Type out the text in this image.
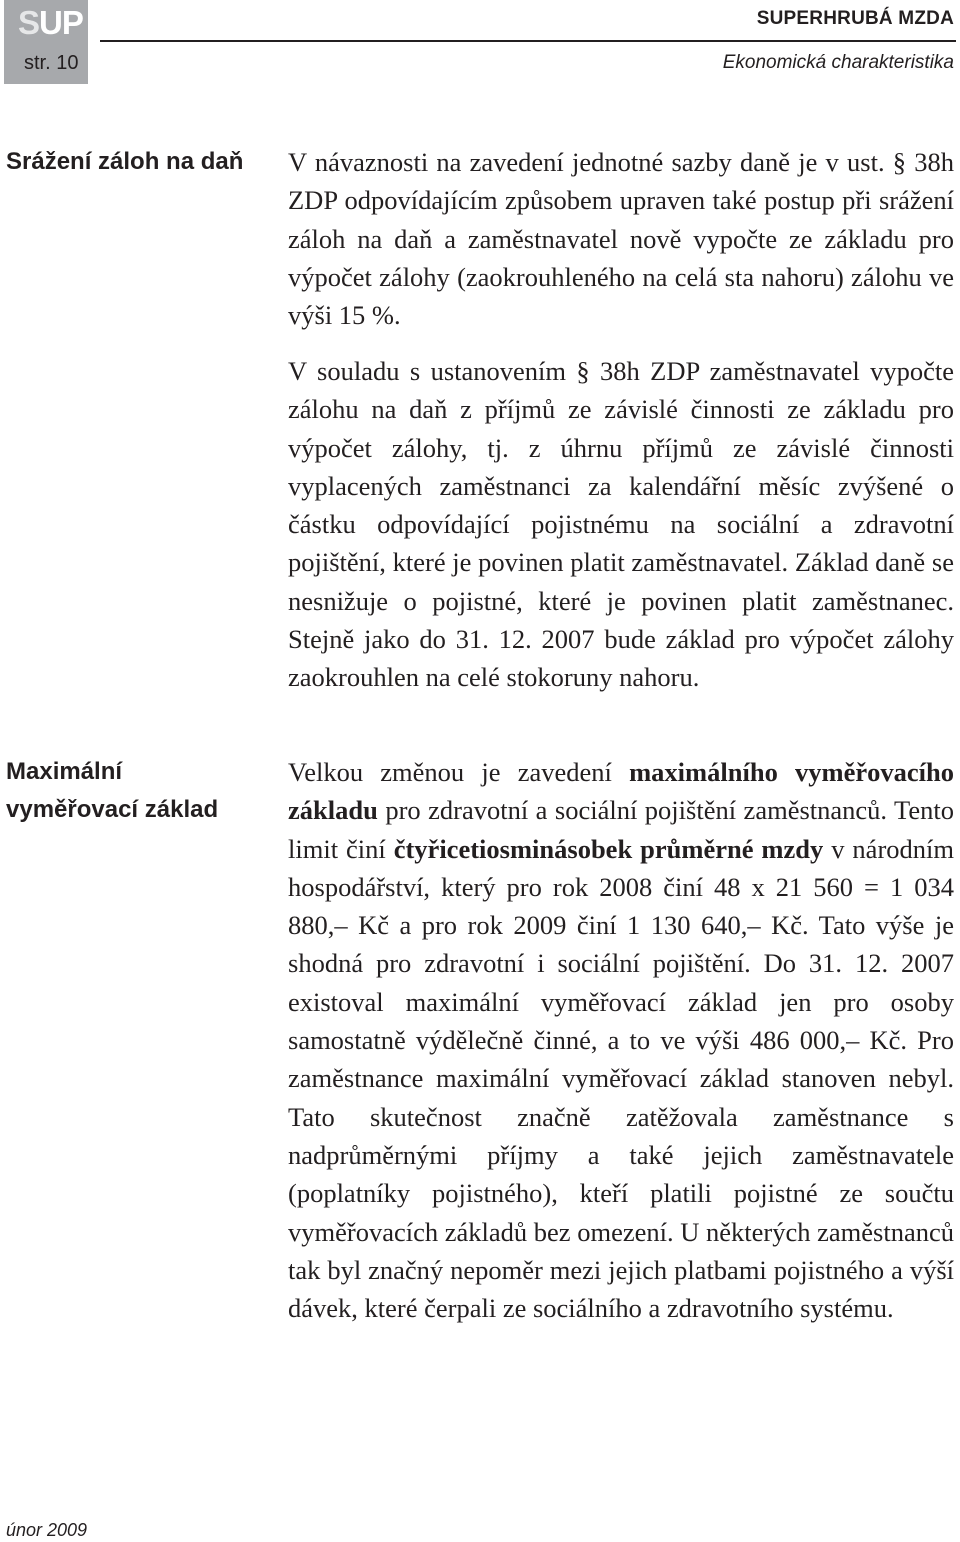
SUP
str. 10
SUPERHRUBÁ MZDA
Ekonomická charakteristika
Srážení záloh na daň	V návaznosti na zavedení jednotné sazby daně je v ust. § 38h ZDP odpovídajícím způsobem upraven také postup při srážení záloh na daň a zaměstnavatel nově vypočte ze základu pro výpočet zálohy (zaokrouhleného na celá sta nahoru) zálohu ve výši 15 %.

V souladu s ustanovením § 38h ZDP zaměstnavatel vypočte zálohu na daň z příjmů ze závislé činnosti ze základu pro výpočet zálohy, tj. z úhrnu příjmů ze závislé činnosti vyplacených zaměstnanci za kalendářní měsíc zvýšené o částku odpovídající pojistnému na sociální a zdravotní pojištění, které je povinen platit zaměstnavatel. Základ daně se nesnižuje o pojistné, které je povinen platit zaměstnanec. Stejně jako do 31. 12. 2007 bude základ pro výpočet zálohy zaokrouhlen na celé stokoruny nahoru.

Maximální
vyměřovací základ

Velkou změnou je zavedení maximálního vyměřovacího základu pro zdravotní a sociální pojištění zaměstnanců. Tento limit činí čtyřicetiosminásobek průměrné mzdy v národním hospodářství, který pro rok 2008 činí 48 x 21 560 = 1 034 880,– Kč a pro rok 2009 činí 1 130 640,– Kč. Tato výše je shodná pro zdravotní i sociální pojištění. Do 31. 12. 2007 existoval maximální vyměřovací základ jen pro osoby samostatně výdělečně činné, a to ve výši 486 000,– Kč. Pro zaměstnance maximální vyměřovací základ stanoven nebyl. Tato skutečnost značně zatěžovala zaměstnance s nadprůměrnými příjmy a také jejich zaměstnavatele (poplatníky pojistného), kteří platili pojistné ze součtu vyměřovacích základů bez omezení. U některých zaměstnanců tak byl značný nepoměr mezi jejich platbami pojistného a výší dávek, které čerpali ze sociálního a zdravotního systému.

únor 2009
